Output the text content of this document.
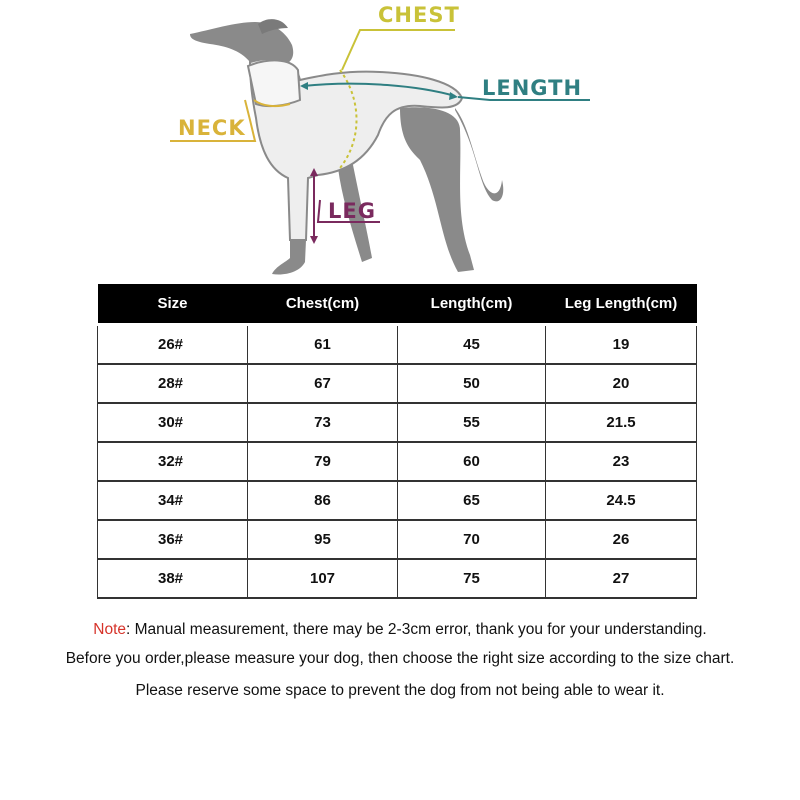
CHEST
LENGTH
NECK
LEG
Size	Chest(cm)	Length(cm)	Leg Length(cm)
26#	61	45	19
28#	67	50	20
30#	73	55	21.5
32#	79	60	23
34#	86	65	24.5
36#	95	70	26
38#	107	75	27
Note: Manual measurement, there may be 2-3cm error, thank you for your understanding.
Before you order,please measure your dog, then choose the right size according to the size chart.
Please reserve some space to prevent the dog from not being able to wear it.
